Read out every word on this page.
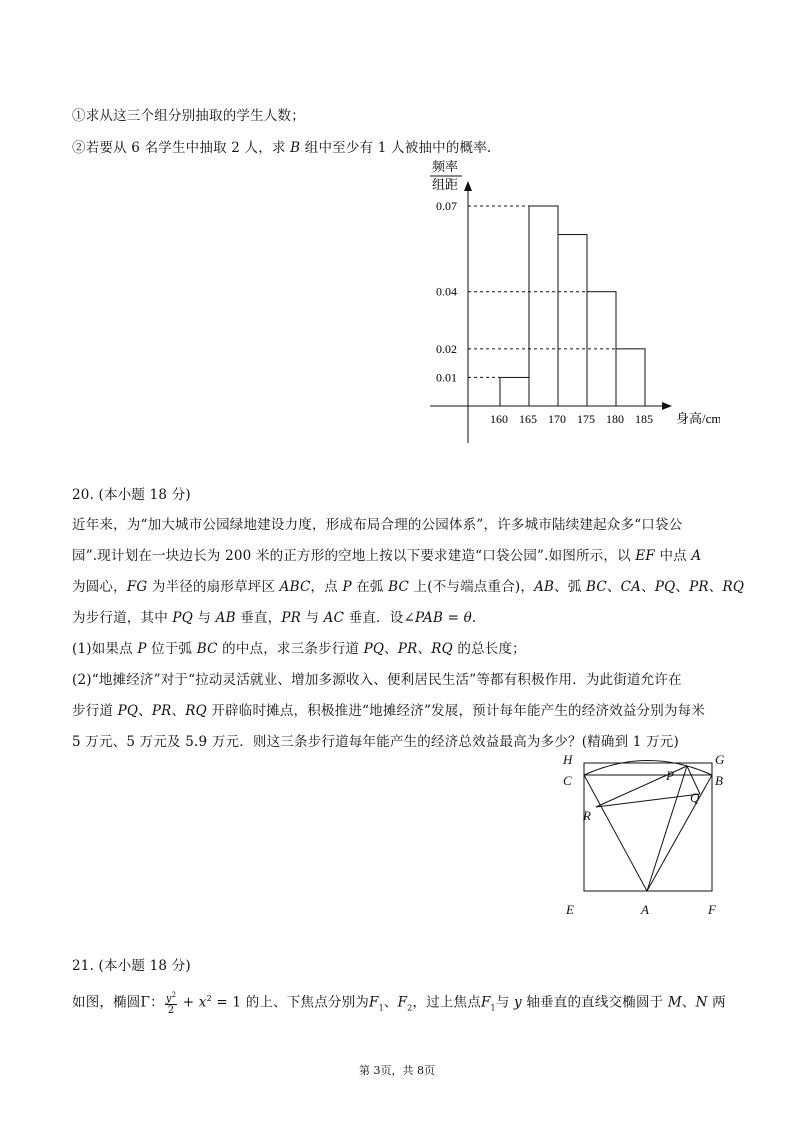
①求从这三个组分别抽取的学生人数；
②若要从 6 名学生中抽取 2 人，求 B 组中至少有 1 人被抽中的概率.
频率
组距
身高/cm
0.07
0.04
0.02
0.01
160 165 170 175 180 185
20. (本小题 18 分)
近年来，为“加大城市公园绿地建设力度，形成布局合理的公园体系”，许多城市陆续建起众多“口袋公
园”.现计划在一块边长为 200 米的正方形的空地上按以下要求建造“口袋公园”.如图所示，以 EF 中点 A
为圆心，FG 为半径的扇形草坪区 ABC，点 P 在弧 BC 上(不与端点重合)，AB、弧 BC、CA、PQ、PR、RQ
为步行道，其中 PQ 与 AB 垂直，PR 与 AC 垂直．设∠PAB = θ.
(1)如果点 P 位于弧 BC 的中点，求三条步行道 PQ、PR、RQ 的总长度；
(2)“地摊经济”对于“拉动灵活就业、增加多源收入、便利居民生活”等都有积极作用．为此街道允许在
步行道 PQ、PR、RQ 开辟临时摊点，积极推进“地摊经济”发展，预计每年能产生的经济效益分别为每米
5 万元、5 万元及 5.9 万元．则这三条步行道每年能产生的经济总效益最高为多少？(精确到 1 万元)
H	G
C	B
P
Q
R
E	A	F
21. (本小题 18 分)
如图，椭圆Γ： $\frac{y^2}{2} + x^2 = 1$ 的上、下焦点分别为$F_1$、$F_2$，过上焦点$F_1$与 y 轴垂直的直线交椭圆于 M、N 两
第 3页，共 8页
